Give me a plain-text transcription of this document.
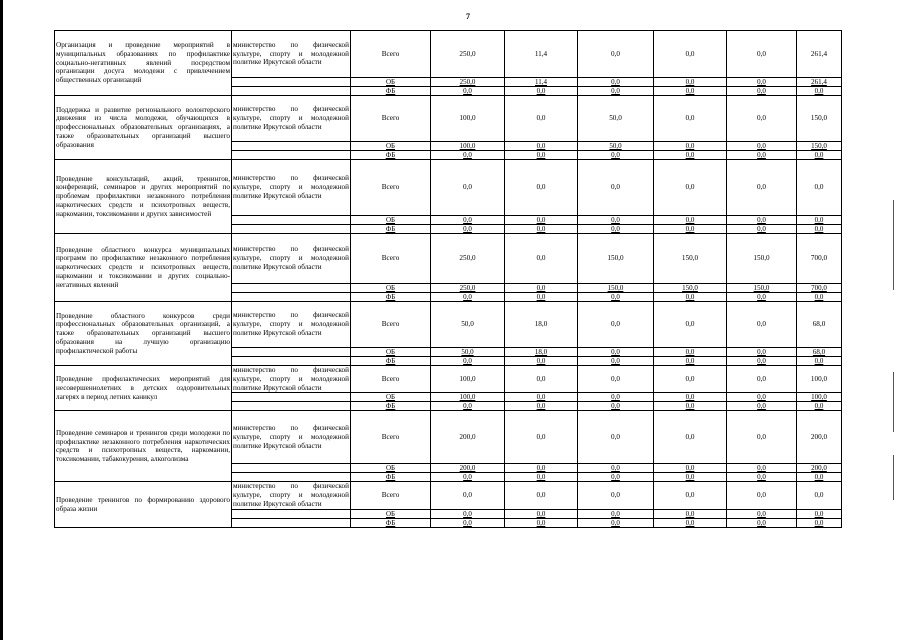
7
Организация и проведение мероприятий в муниципальных образованиях по профилактике социально-негативных явлений посредством организации досуга молодежи с привлечением общественных организаций	министерство по физической культуре, спорту и молодежной политике Иркутской области	Всего	250,0	11,4	0,0	0,0	0,0	261,4
		ОБ	250,0	11,4	0,0	0,0	0,0	261,4
		ФБ	0,0	0,0	0,0	0,0	0,0	0,0
Поддержка и развитие регионального волонтерского движения из числа молодежи, обучающихся в профессиональных образовательных организациях, а также образовательных организаций высшего образования	министерство по физической культуре, спорту и молодежной политике Иркутской области	Всего	100,0	0,0	50,0	0,0	0,0	150,0
		ОБ	100,0	0,0	50,0	0,0	0,0	150,0
		ФБ	0,0	0,0	0,0	0,0	0,0	0,0
Проведение консультаций, акций, тренингов, конференций, семинаров и других мероприятий по проблемам профилактики незаконного потребления наркотических средств и психотропных веществ, наркомании, токсикомании и других зависимостей	министерство по физической культуре, спорту и молодежной политике Иркутской области	Всего	0,0	0,0	0,0	0,0	0,0	0,0
		ОБ	0,0	0,0	0,0	0,0	0,0	0,0
		ФБ	0,0	0,0	0,0	0,0	0,0	0,0
Проведение областного конкурса муниципальных программ по профилактике незаконного потребления наркотических средств и психотропных веществ, наркомании и токсикомании и других социально-негативных явлений	министерство по физической культуре, спорту и молодежной политике Иркутской области	Всего	250,0	0,0	150,0	150,0	150,0	700,0
		ОБ	250,0	0,0	150,0	150,0	150,0	700,0
		ФБ	0,0	0,0	0,0	0,0	0,0	0,0
Проведение областного конкурсов среди профессиональных образовательных организаций, а также образовательных организаций высшего образования на лучшую организацию профилактической работы	министерство по физической культуре, спорту и молодежной политике Иркутской области	Всего	50,0	18,0	0,0	0,0	0,0	68,0
		ОБ	50,0	18,0	0,0	0,0	0,0	68,0
		ФБ	0,0	0,0	0,0	0,0	0,0	0,0
Проведение профилактических мероприятий для несовершеннолетних в детских оздоровительных лагерях в период летних каникул	министерство по физической культуре, спорту и молодежной политике Иркутской области	Всего	100,0	0,0	0,0	0,0	0,0	100,0
		ОБ	100,0	0,0	0,0	0,0	0,0	100,0
		ФБ	0,0	0,0	0,0	0,0	0,0	0,0
Проведение семинаров и тренингов среди молодежи по профилактике незаконного потребления наркотических средств и психотропных веществ, наркомании, токсикомании, табакокурения, алкоголизма	министерство по физической культуре, спорту и молодежной политике Иркутской области	Всего	200,0	0,0	0,0	0,0	0,0	200,0
		ОБ	200,0	0,0	0,0	0,0	0,0	200,0
		ФБ	0,0	0,0	0,0	0,0	0,0	0,0
Проведение тренингов по формированию здорового образа жизни	министерство по физической культуре, спорту и молодежной политике Иркутской области	Всего	0,0	0,0	0,0	0,0	0,0	0,0
		ОБ	0,0	0,0	0,0	0,0	0,0	0,0
		ФБ	0,0	0,0	0,0	0,0	0,0	0,0
